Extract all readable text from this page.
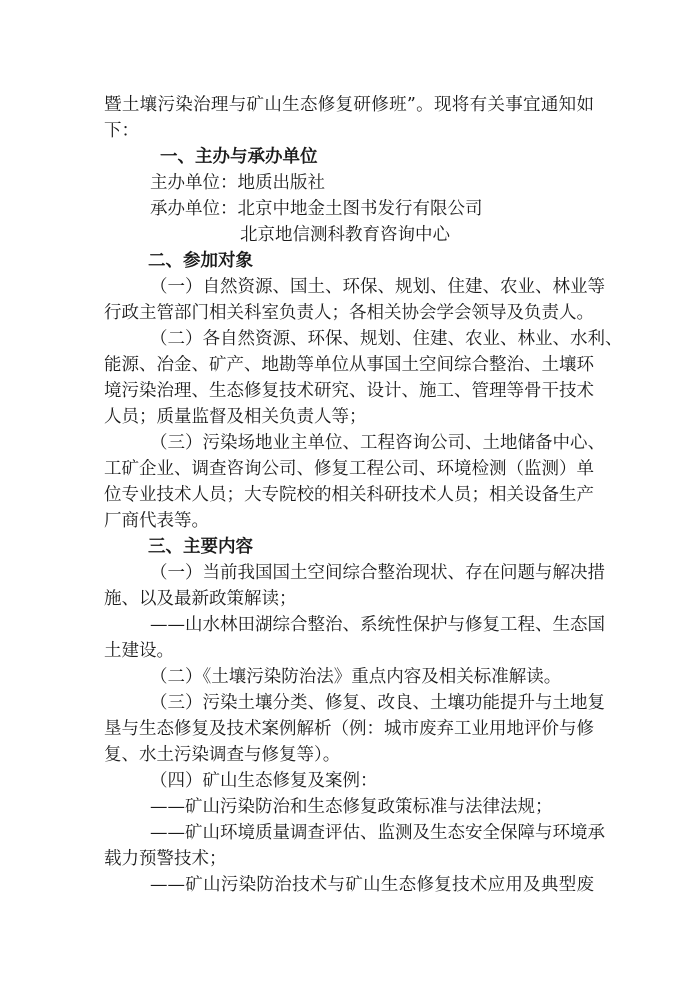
暨土壤污染治理与矿山生态修复研修班”。现将有关事宜通知如
下：
一、主办与承办单位
主办单位：地质出版社
承办单位：北京中地金土图书发行有限公司
北京地信测科教育咨询中心
二、参加对象
（一）自然资源、国土、环保、规划、住建、农业、林业等
行政主管部门相关科室负责人；各相关协会学会领导及负责人。
（二）各自然资源、环保、规划、住建、农业、林业、水利、
能源、冶金、矿产、地勘等单位从事国土空间综合整治、土壤环
境污染治理、生态修复技术研究、设计、施工、管理等骨干技术
人员；质量监督及相关负责人等；
（三）污染场地业主单位、工程咨询公司、土地储备中心、
工矿企业、调查咨询公司、修复工程公司、环境检测（监测）单
位专业技术人员；大专院校的相关科研技术人员；相关设备生产
厂商代表等。
三、主要内容
（一）当前我国国土空间综合整治现状、存在问题与解决措
施、以及最新政策解读；
——山水林田湖综合整治、系统性保护与修复工程、生态国
土建设。
（二）《土壤污染防治法》重点内容及相关标准解读。
（三）污染土壤分类、修复、改良、土壤功能提升与土地复
垦与生态修复及技术案例解析（例：城市废弃工业用地评价与修
复、水土污染调查与修复等）。
（四）矿山生态修复及案例：
——矿山污染防治和生态修复政策标准与法律法规；
——矿山环境质量调查评估、监测及生态安全保障与环境承
载力预警技术；
——矿山污染防治技术与矿山生态修复技术应用及典型废
